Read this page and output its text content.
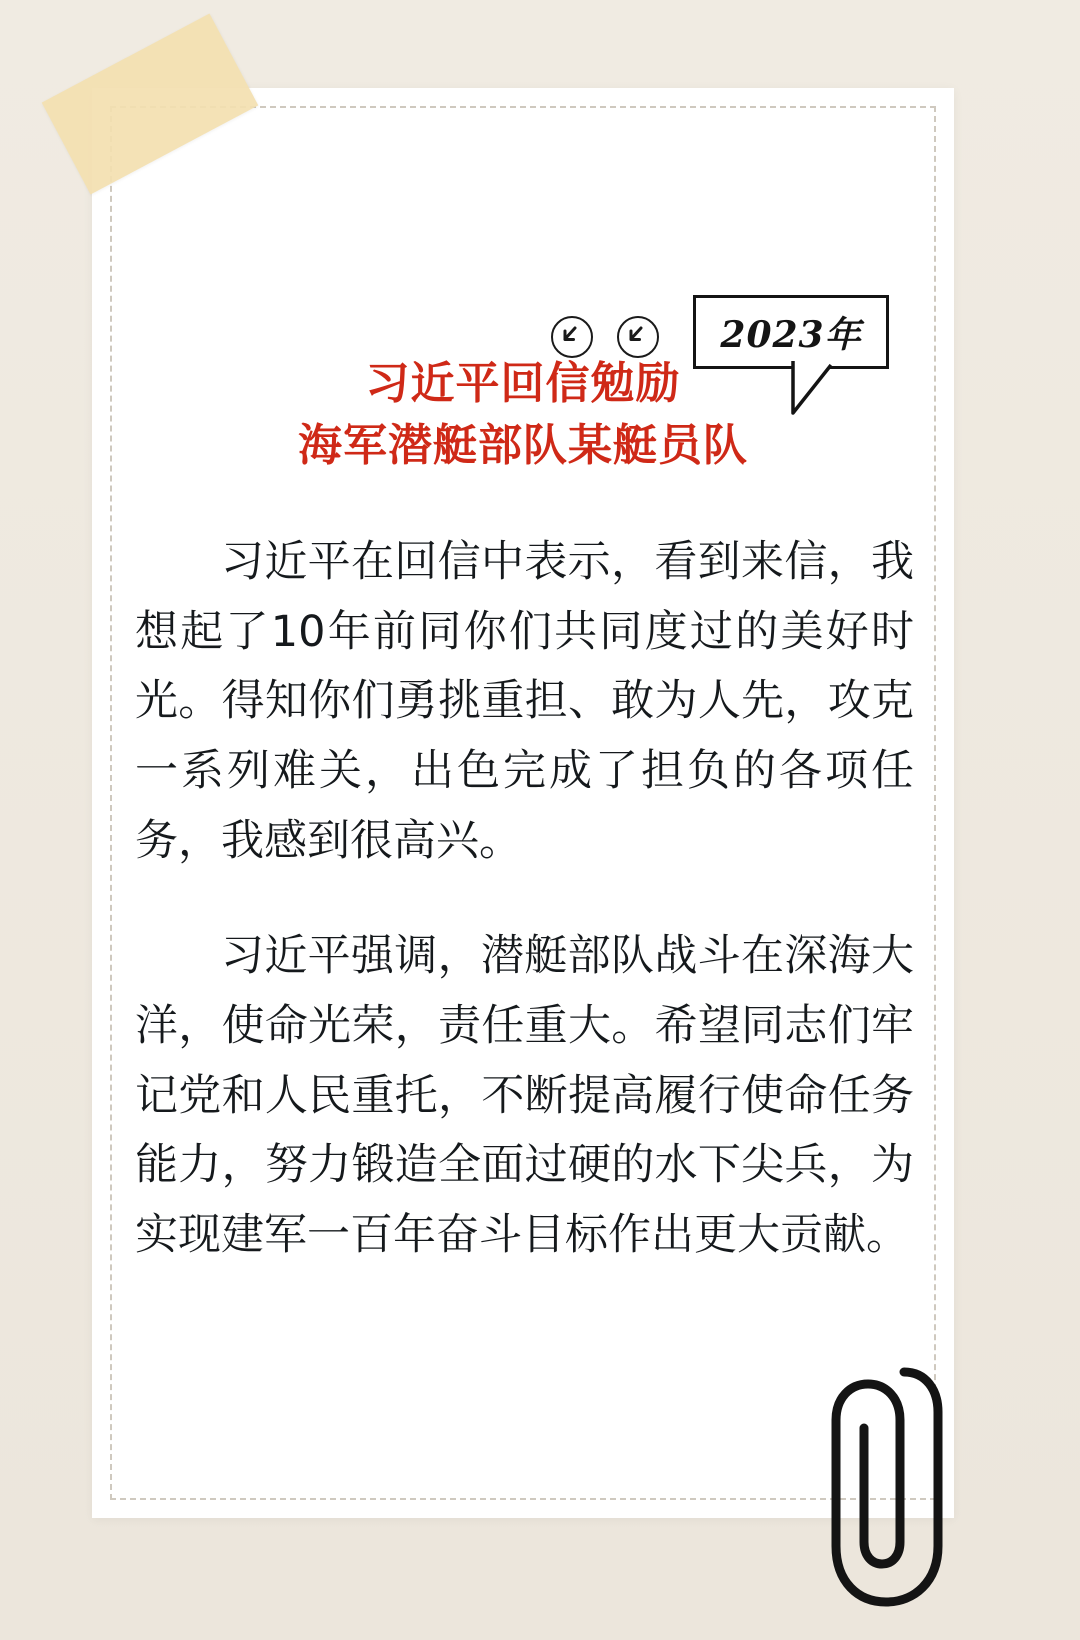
2023年
习近平回信勉励
海军潜艇部队某艇员队

习近平在回信中表示，看到来信，我想起了10年前同你们共同度过的美好时光。得知你们勇挑重担、敢为人先，攻克一系列难关，出色完成了担负的各项任务，我感到很高兴。

习近平强调，潜艇部队战斗在深海大洋，使命光荣，责任重大。希望同志们牢记党和人民重托，不断提高履行使命任务能力，努力锻造全面过硬的水下尖兵，为实现建军一百年奋斗目标作出更大贡献。
